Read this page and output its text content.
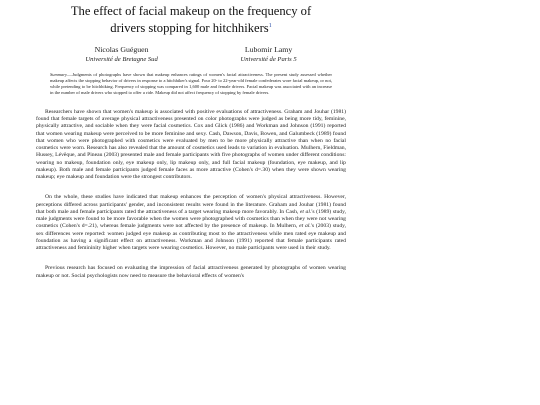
The effect of facial makeup on the frequency of
drivers stopping for hitchhikers$^1$
Nicolas Guéguen
Université de Bretagne Sud
Lubomir Lamy
Université de Paris 5

Summary.—Judgments of photographs have shown that makeup enhances ratings of women's facial attractiveness. The present study assessed whether makeup affects the stopping behavior of drivers in response to a hitchhiker's signal. Four 20- to 22-year-old female confederates wore facial makeup, or not, while pretending to be hitchhiking. Frequency of stopping was compared in 1,600 male and female drivers. Facial makeup was associated with an increase in the number of male drivers who stopped to offer a ride. Makeup did not affect frequency of stopping by female drivers.

Researchers have shown that women's makeup is associated with positive evaluations of attractiveness. Graham and Jouhar (1981) found that female targets of average physical attractiveness presented on color photographs were judged as being more tidy, feminine, physically attractive, and sociable when they were facial cosmetics. Cox and Glick (1986) and Workman and Johnson (1991) reported that women wearing makeup were perceived to be more feminine and sexy. Cash, Dawson, Davis, Bowen, and Galumbeck (1989) found that women who were photographed with cosmetics were evaluated by men to be more physically attractive than when no facial cosmetics were worn. Research has also revealed that the amount of cosmetics used leads to variation in evaluation. Mulhern, Fieldman, Hussey, Lévêque, and Pineau (2003) presented male and female participants with five photographs of women under different conditions: wearing no makeup, foundation only, eye makeup only, lip makeup only, and full facial makeup (foundation, eye makeup, and lip makeup). Both male and female participants judged female faces as more attractive (Cohen's d=.30) when they were shown wearing makeup; eye makeup and foundation were the strongest contributors.

On the whole, these studies have indicated that makeup enhances the perception of women's physical attractiveness. However, perceptions differed across participants' gender, and inconsistent results were found in the literature. Graham and Jouhar (1981) found that both male and female participants rated the attractiveness of a target wearing makeup more favorably. In Cash, et al.'s (1989) study, male judgments were found to be more favorable when the women were photographed with cosmetics than when they were not wearing cosmetics (Cohen's d=.21), whereas female judgments were not affected by the presence of makeup. In Mulhern, et al.'s (2003) study, sex differences were reported: women judged eye makeup as contributing most to the attractiveness while men rated eye makeup and foundation as having a significant effect on attractiveness. Workman and Johnson (1991) reported that female participants rated attractiveness and femininity higher when targets were wearing cosmetics. However, no male participants were used in their study.

Previous research has focused on evaluating the impression of facial attractiveness generated by photographs of women wearing makeup or not. Social psychologists now need to measure the behavioral effects of women's
